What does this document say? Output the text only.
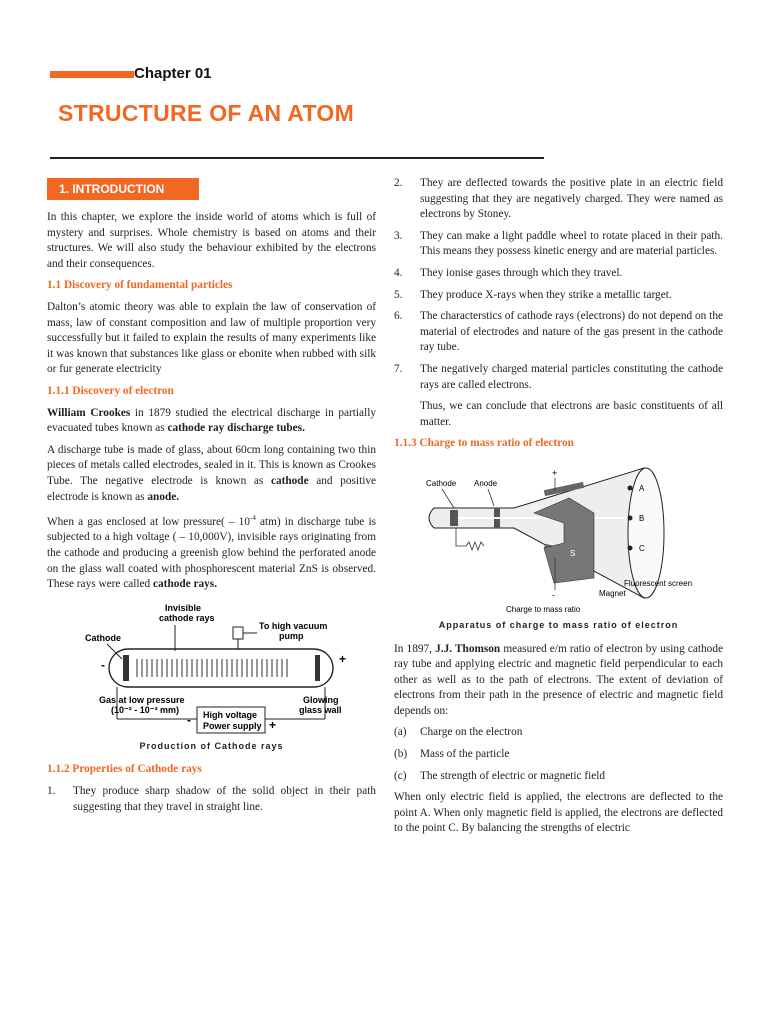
Chapter 01
STRUCTURE OF AN ATOM
1. INTRODUCTION

In this chapter, we explore the inside world of atoms which is full of mystery and surprises. Whole chemistry is based on atoms and their structures. We will also study the behaviour exhibited by the electrons and their consequences.

1.1 Discovery of fundamental particles

Dalton’s atomic theory was able to explain the law of conservation of mass, law of constant composition and law of multiple proportion very successfully but it failed to explain the results of many experiments like it was known that substances like glass or ebonite when rubbed with silk or fur generate electricity

1.1.1 Discovery of electron

William Crookes in 1879 studied the electrical discharge in partially evacuated tubes known as cathode ray discharge tubes.

A discharge tube is made of glass, about 60cm long containing two thin pieces of metals called electrodes, sealed in it. This is known as Crookes Tube. The negative electrode is known as cathode and positive electrode is known as anode.

When a gas enclosed at low pressure( – $10^{-4}$ atm) in discharge tube is subjected to a high voltage ( – 10,000V), invisible rays originating from the cathode and producing a greenish glow behind the perforated anode on the glass wall coated with phosphorescent material ZnS is observed. These rays were called cathode rays.

Invisible
cathode rays
To high vacuum
pump
Cathode
-	+
High voltage
Power supply
-	+
Gas at low pressure
(10⁻² - 10⁻³ mm)
Glowing
glass wall
Production of Cathode rays
1.1.2 Properties of Cathode rays
1.	They produce sharp shadow of the solid object in their path suggesting that they travel in straight line.
2.	They are deflected towards the positive plate in an electric field suggesting that they are negatively charged. They were named as electrons by Stoney.
3.	They can make a light paddle wheel to rotate placed in their path. This means they possess kinetic energy and are material particles.
4.	They ionise gases through which they travel.
5.	They produce X-rays when they strike a metallic target.
6.	The characterstics of cathode rays (electrons) do not depend on the material of electrodes and nature of the gas present in the cathode ray tube.
7.	The negatively charged material particles constituting the cathode rays are called electrons.
Thus, we can conclude that electrons are basic constituents of all matter.
1.1.3 Charge to mass ratio of electron
Cathode Anode
N
S
+
-
A
B
C
Magnet
Fluorescent screen
Charge to mass ratio
Apparatus of charge to mass ratio of electron

In 1897, J.J. Thomson measured e/m ratio of electron by using cathode ray tube and applying electric and magnetic field perpendicular to each other as well as to the path of electrons. The extent of deviation of electrons from their path in the presence of electric and magnetic field depends on:

(a)	Charge on the electron
(b)	Mass of the particle
(c)	The strength of electric or magnetic field

When only electric field is applied, the electrons are deflected to the point A. When only magnetic field is applied, the electrons are deflected to the point C. By balancing the strengths of electric
